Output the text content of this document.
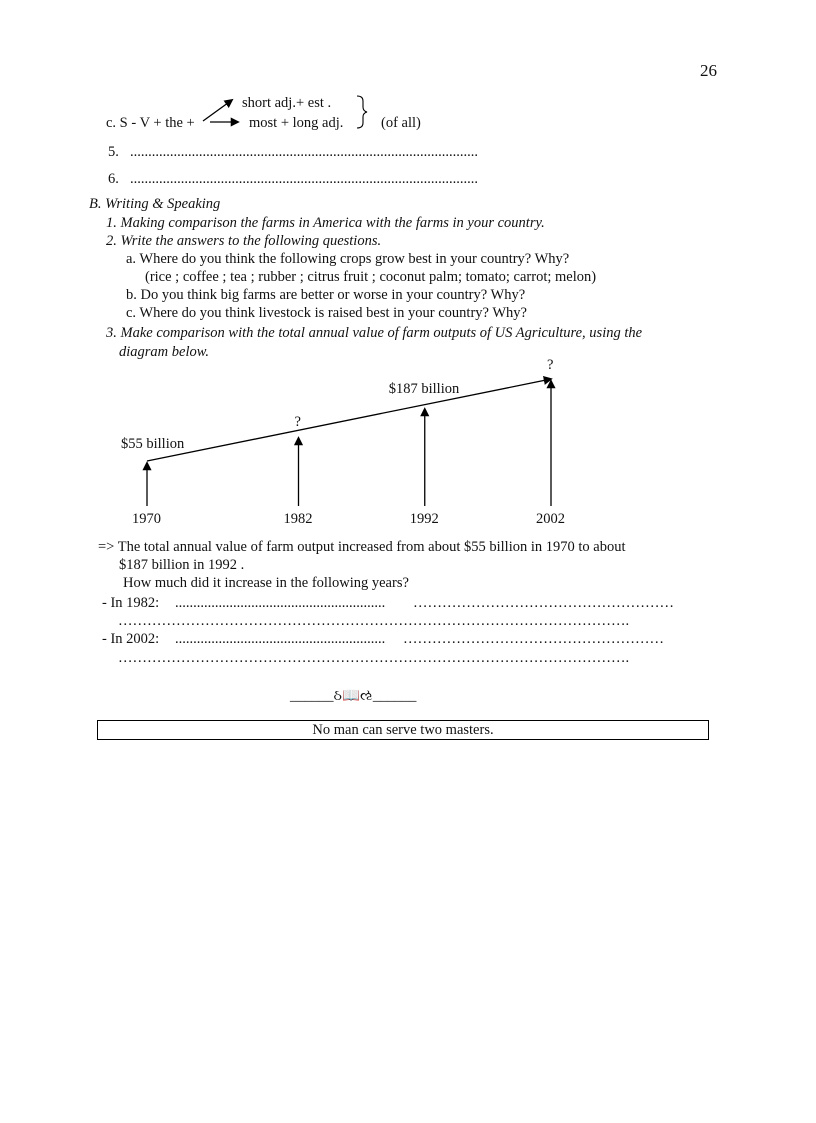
26
c. S - V + the +
short adj.+ est .
most + long adj.	(of all)
5. ................................................................................................
6. ................................................................................................
B. Writing & Speaking
1. Making comparison the farms in America with the farms in your country.
2. Write the answers to the following questions.
a. Where do you think the following crops grow best in your country? Why?
(rice ; coffee ; tea ; rubber ; citrus fruit ; coconut palm; tomato; carrot; melon)
b. Do you think big farms are better or worse in your country? Why?
c. Where do you think livestock is raised best in your country? Why?
3. Make comparison with the total annual value of farm outputs of US Agriculture, using the
diagram below.
1970
$55 billion
1982
?
1992
$187 billion
2002
?
=> The total annual value of farm output increased from about $55 billion in 1970 to about
$187 billion in 1992 .
How much did it increase in the following years?
- In 1982: ..........................................................	………………………………………………
…………………………………………………………………………………………….
- In 2002: ..........................................................	………………………………………………
…………………………………………………………………………………………….
______ઠ📖ઌ______
No man can serve two masters.
